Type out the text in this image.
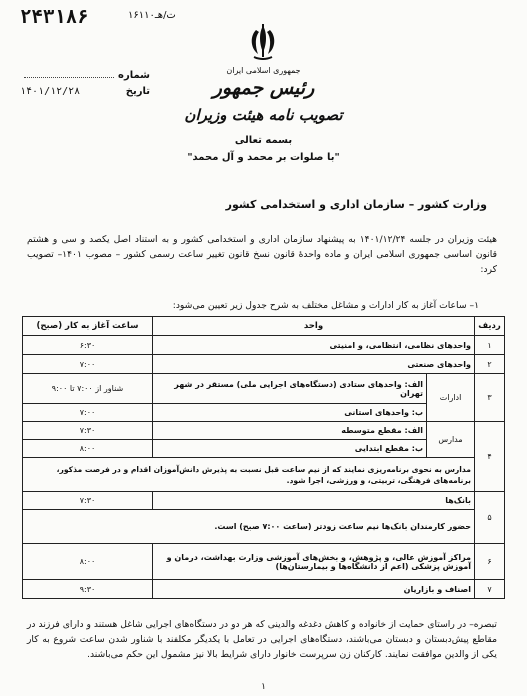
۲۴۳۱۸۶	۱۶۱۱۰ت/هـ
شماره
تاریخ
۱۴۰۱/۱۲/۲۸
جمهوری اسلامی ایران
رئیس جمهور
تصویب نامه هیئت وزیران
بسمه تعالی
"با صلوات بر محمد و آل محمد"
وزارت کشور – سازمان اداری و استخدامی کشور
هیئت وزیران در جلسه ۱۴۰۱/۱۲/۲۴ به پیشنهاد سازمان اداری و استخدامی کشور و به استناد اصل یکصد و سی و هشتم قانون اساسی جمهوری اسلامی ایران و ماده واحدهٔ قانون نسخ قانون تغییر ساعت رسمی کشور – مصوب ۱۴۰۱– تصویب کرد:
۱– ساعات آغاز به کار ادارات و مشاغل مختلف به شرح جدول زیر تعیین می‌شود:
ردیف	واحد		ساعت آغاز به کار (صبح)
۱	واحدهای نظامی، انتظامی، و امنیتی		۶:۳۰
۲	واحدهای صنعتی		۷:۰۰
۳	ادارات	الف: واحدهای ستادی (دستگاه‌های اجرایی ملی) مستقر در شهر تهران	شناور از ۷:۰۰ تا ۹:۰۰
		ب: واحدهای استانی	۷:۰۰
۴	مدارس	الف: مقطع متوسطه	۷:۳۰
		ب: مقطع ابتدایی	۸:۰۰
	مدارس به نحوی برنامه‌ریزی نمایند که از نیم ساعت قبل نسبت به پذیرش دانش‌آموزان اقدام و در فرصت مذکور، برنامه‌های فرهنگی، تربیتی، و ورزشی، اجرا شود.		
۵	بانک‌ها		۷:۳۰
	حضور کارمندان بانک‌ها نیم ساعت زودتر (ساعت ۷:۰۰ صبح) است.		
۶	مراکز آموزش عالی، و پژوهش، و بخش‌های آموزشی وزارت بهداشت، درمان و آموزش پزشکی (اعم از دانشگاه‌ها و بیمارستان‌ها)		۸:۰۰
۷	اصناف و بازاریان		۹:۳۰
تبصره– در راستای حمایت از خانواده و کاهش دغدغه والدینی که هر دو در دستگاه‌های اجرایی شاغل هستند و دارای فرزند در مقاطع پیش‌دبستان و دبستان می‌باشند، دستگاه‌های اجرایی در تعامل با یکدیگر مکلفند با شناور شدن ساعت شروع به کار یکی از والدین موافقت نمایند. کارکنان زن سرپرست خانوار دارای شرایط بالا نیز مشمول این حکم می‌باشند.
۱
